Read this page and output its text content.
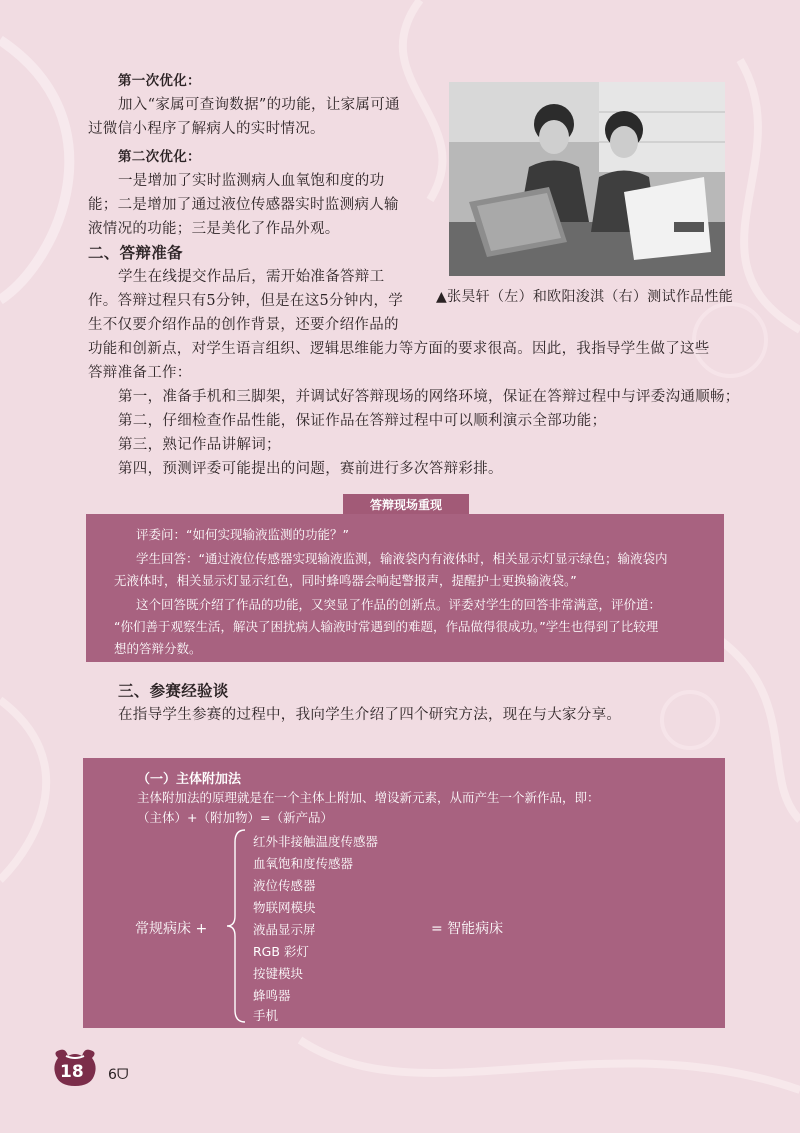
第一次优化：
加入“家属可查询数据”的功能，让家属可通
过微信小程序了解病人的实时情况。
第二次优化：
一是增加了实时监测病人血氧饱和度的功
能；二是增加了通过液位传感器实时监测病人输
液情况的功能；三是美化了作品外观。
二、答辩准备
学生在线提交作品后，需开始准备答辩工
作。答辩过程只有5分钟，但是在这5分钟内，学
生不仅要介绍作品的创作背景，还要介绍作品的
功能和创新点，对学生语言组织、逻辑思维能力等方面的要求很高。因此，我指导学生做了这些
答辩准备工作：
第一，准备手机和三脚架，并调试好答辩现场的网络环境，保证在答辩过程中与评委沟通顺畅；
第二，仔细检查作品性能，保证作品在答辩过程中可以顺利演示全部功能；
第三，熟记作品讲解词；
第四，预测评委可能提出的问题，赛前进行多次答辩彩排。
▲张昊轩（左）和欧阳浚淇（右）测试作品性能
答辩现场重现
评委问：“如何实现输液监测的功能？”
学生回答：“通过液位传感器实现输液监测，输液袋内有液体时，相关显示灯显示绿色；输液袋内
无液体时，相关显示灯显示红色，同时蜂鸣器会响起警报声，提醒护士更换输液袋。”
这个回答既介绍了作品的功能，又突显了作品的创新点。评委对学生的回答非常满意，评价道：
“你们善于观察生活，解决了困扰病人输液时常遇到的难题，作品做得很成功。”学生也得到了比较理
想的答辩分数。
三、参赛经验谈
在指导学生参赛的过程中，我向学生介绍了四个研究方法，现在与大家分享。
（一）主体附加法
主体附加法的原理就是在一个主体上附加、增设新元素，从而产生一个新作品，即：
（主体）+（附加物）=（新产品）
常规病床 +
红外非接触温度传感器
血氧饱和度传感器
液位传感器
物联网模块
液晶显示屏
RGB 彩灯
按键模块
蜂鸣器
手机
= 智能病床
18 6ᗜ
